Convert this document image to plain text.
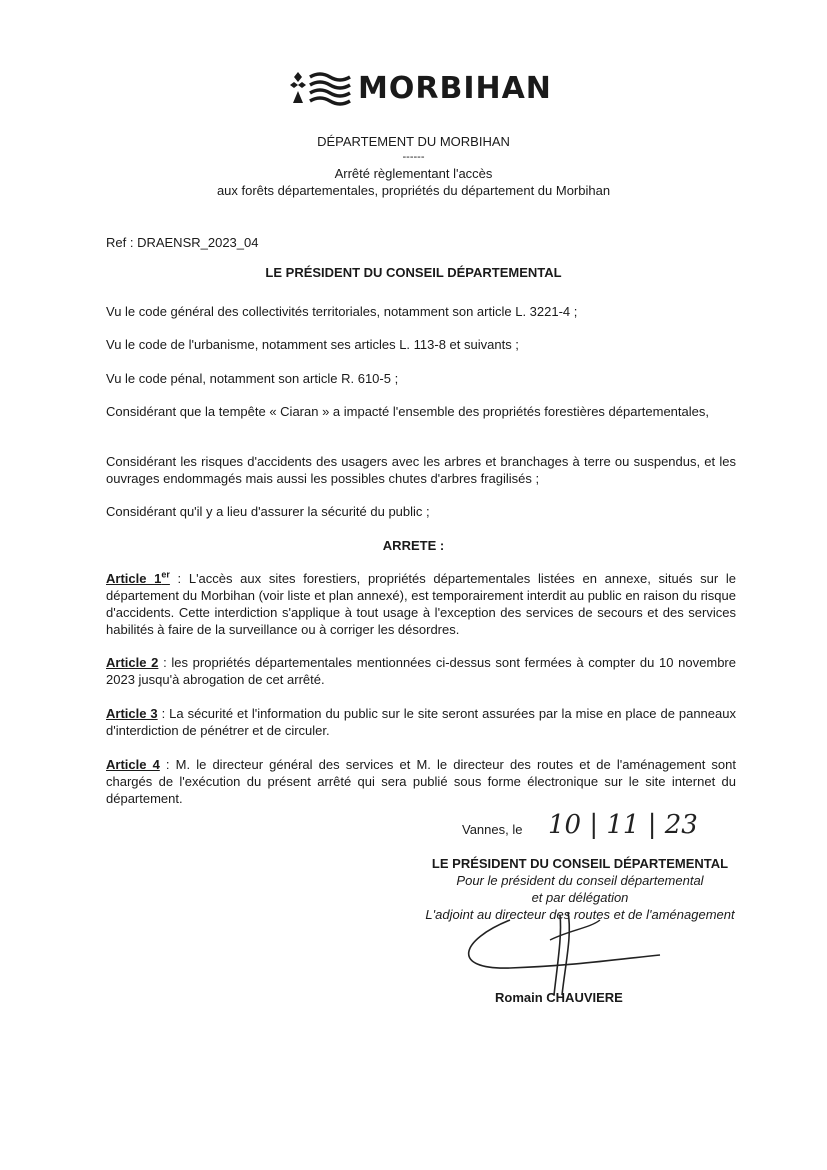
MORBIHAN
DÉPARTEMENT DU MORBIHAN
------
Arrêté règlementant l'accès
aux forêts départementales, propriétés du département du Morbihan
Ref : DRAENSR_2023_04
LE PRÉSIDENT DU CONSEIL DÉPARTEMENTAL
Vu le code général des collectivités territoriales, notamment son article L. 3221-4 ;
Vu le code de l'urbanisme, notamment ses articles L. 113-8 et suivants ;
Vu le code pénal, notamment son article R. 610-5 ;
Considérant que la tempête « Ciaran » a impacté l'ensemble des propriétés forestières départementales,
Considérant les risques d'accidents des usagers avec les arbres et branchages à terre ou suspendus, et les ouvrages endommagés mais aussi les possibles chutes d'arbres fragilisés ;
Considérant qu'il y a lieu d'assurer la sécurité du public ;
ARRETE :
Article 1er : L'accès aux sites forestiers, propriétés départementales listées en annexe, situés sur le département du Morbihan (voir liste et plan annexé), est temporairement interdit au public en raison du risque d'accidents. Cette interdiction s'applique à tout usage à l'exception des services de secours et des services habilités à faire de la surveillance ou à corriger les désordres.
Article 2 : les propriétés départementales mentionnées ci-dessus sont fermées à compter du 10 novembre 2023 jusqu'à abrogation de cet arrêté.
Article 3 : La sécurité et l'information du public sur le site seront assurées par la mise en place de panneaux d'interdiction de pénétrer et de circuler.
Article 4 : M. le directeur général des services et M. le directeur des routes et de l'aménagement sont chargés de l'exécution du présent arrêté qui sera publié sous forme électronique sur le site internet du département.
Vannes, le 10 | 11 | 23
LE PRÉSIDENT DU CONSEIL DÉPARTEMENTAL
Pour le président du conseil départemental
et par délégation
L'adjoint au directeur des routes et de l'aménagement
Romain CHAUVIERE
